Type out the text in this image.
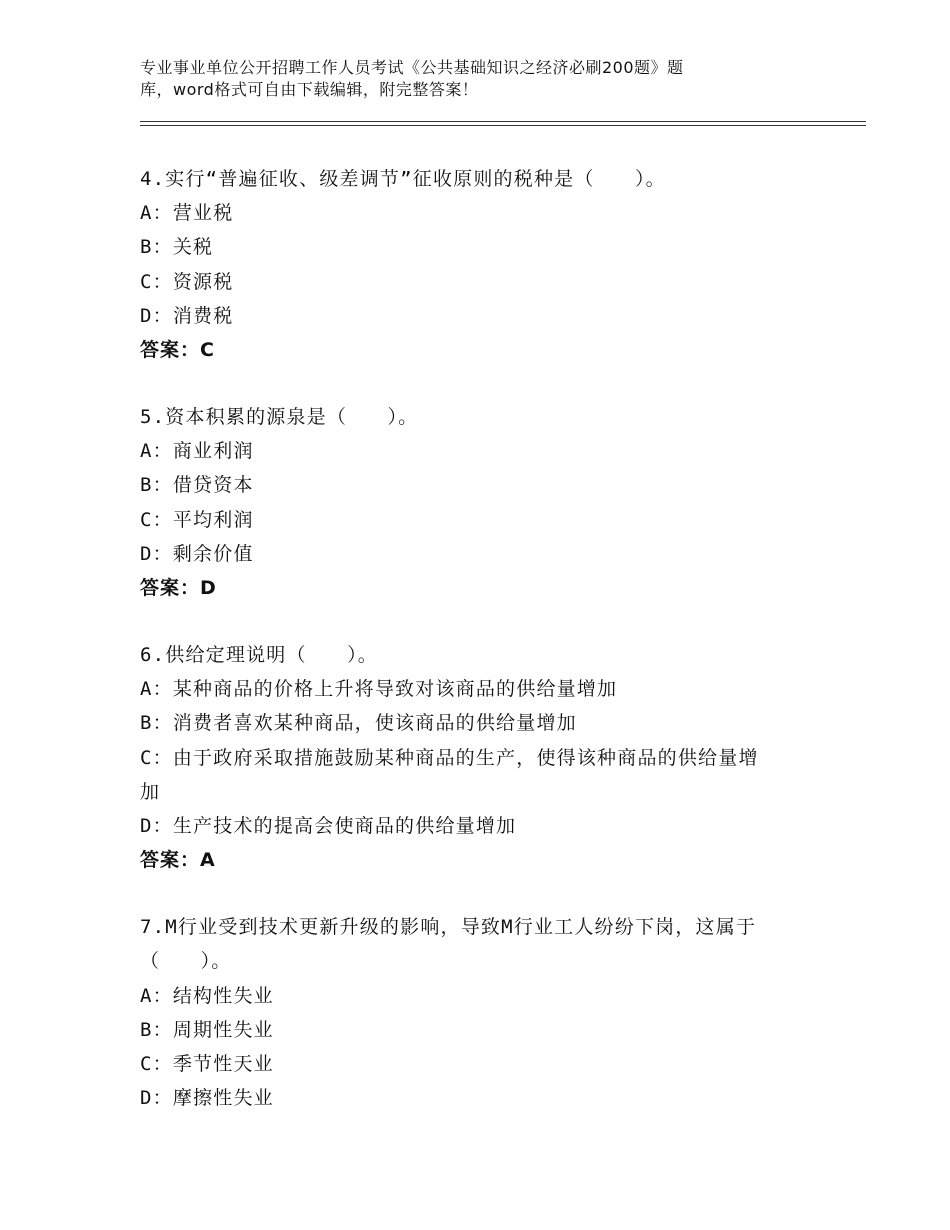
专业事业单位公开招聘工作人员考试《公共基础知识之经济必刷200题》题
库，word格式可自由下载编辑，附完整答案！
4.实行“普遍征收、级差调节”征收原则的税种是（　　）。
A：营业税
B：关税
C：资源税
D：消费税
答案：C
5.资本积累的源泉是（　　）。
A：商业利润
B：借贷资本
C：平均利润
D：剩余价值
答案：D
6.供给定理说明（　　）。
A：某种商品的价格上升将导致对该商品的供给量增加
B：消费者喜欢某种商品，使该商品的供给量增加
C：由于政府采取措施鼓励某种商品的生产，使得该种商品的供给量增
加
D：生产技术的提高会使商品的供给量增加
答案：A
7.M行业受到技术更新升级的影响，导致M行业工人纷纷下岗，这属于
（　　）。
A：结构性失业
B：周期性失业
C：季节性天业
D：摩擦性失业
